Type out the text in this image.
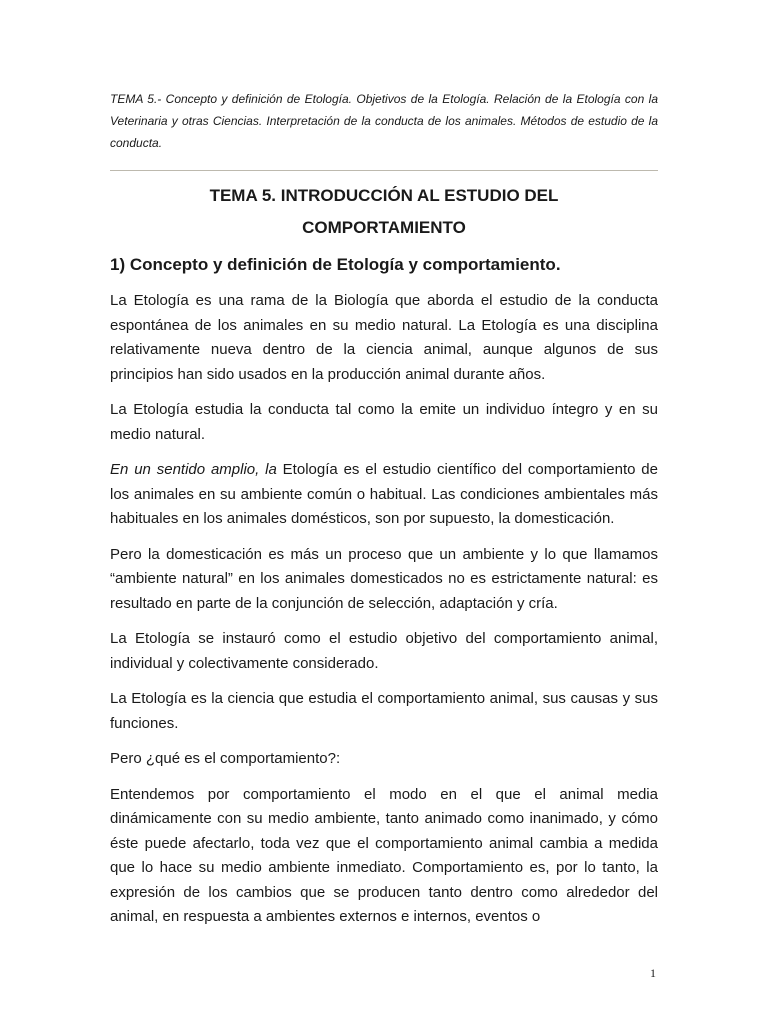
TEMA 5.- Concepto y definición de Etología. Objetivos de la Etología. Relación de la Etología con la Veterinaria y otras Ciencias. Interpretación de la conducta de los animales. Métodos de estudio de la conducta.

TEMA 5. INTRODUCCIÓN AL ESTUDIO DEL
COMPORTAMIENTO
1) Concepto y definición de Etología y comportamiento.

La Etología es una rama de la Biología que aborda el estudio de la conducta espontánea de los animales en su medio natural. La Etología es una disciplina relativamente nueva dentro de la ciencia animal, aunque algunos de sus principios han sido usados en la producción animal durante años.

La Etología estudia la conducta tal como la emite un individuo íntegro y en su medio natural.

En un sentido amplio, la Etología es el estudio científico del comportamiento de los animales en su ambiente común o habitual. Las condiciones ambientales más habituales en los animales domésticos, son por supuesto, la domesticación.

Pero la domesticación es más un proceso que un ambiente y lo que llamamos “ambiente natural” en los animales domesticados no es estrictamente natural: es resultado en parte de la conjunción de selección, adaptación y cría.

La Etología se instauró como el estudio objetivo del comportamiento animal, individual y colectivamente considerado.

La Etología es la ciencia que estudia el comportamiento animal, sus causas y sus funciones.

Pero ¿qué es el comportamiento?:

Entendemos por comportamiento el modo en el que el animal media dinámicamente con su medio ambiente, tanto animado como inanimado, y cómo éste puede afectarlo, toda vez que el comportamiento animal cambia a medida que lo hace su medio ambiente inmediato. Comportamiento es, por lo tanto, la expresión de los cambios que se producen tanto dentro como alrededor del animal, en respuesta a ambientes externos e internos, eventos o

1
